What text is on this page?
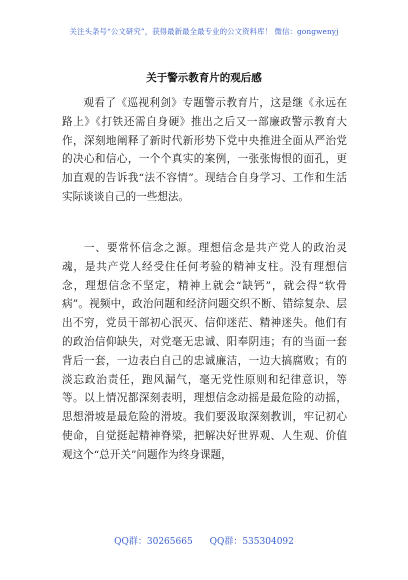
关注头条号“公文研究”，获得最新最全最专业的公文资料库！ 微信：gongwenyj
关于警示教育片的观后感
观看了《巡视利剑》专题警示教育片，这是继《永远在路上》《打铁还需自身硬》推出之后又一部廉政警示教育大作，深刻地阐释了新时代新形势下党中央推进全面从严治党的决心和信心，一个个真实的案例，一张张悔恨的面孔，更加直观的告诉我“法不容情”。现结合自身学习、工作和生活实际谈谈自己的一些想法。
一、要常怀信念之源。理想信念是共产党人的政治灵魂，是共产党人经受住任何考验的精神支柱。没有理想信念，理想信念不坚定，精神上就会“缺钙”，就会得“软骨病”。视频中，政治问题和经济问题交织不断、错综复杂、层出不穷，党员干部初心泯灭、信仰迷茫、精神迷失。他们有的政治信仰缺失，对党毫无忠诚、阳奉阴违；有的当面一套背后一套，一边表白自己的忠诚廉洁，一边大搞腐败；有的淡忘政治责任，跑风漏气，毫无党性原则和纪律意识，等等。以上情况都深刻表明，理想信念动摇是最危险的动摇，思想滑坡是最危险的滑坡。我们要汲取深刻教训，牢记初心使命，自觉挺起精神脊梁，把解决好世界观、人生观、价值观这个“总开关”问题作为终身课题，
QQ群：30265665 QQ群：535304092
